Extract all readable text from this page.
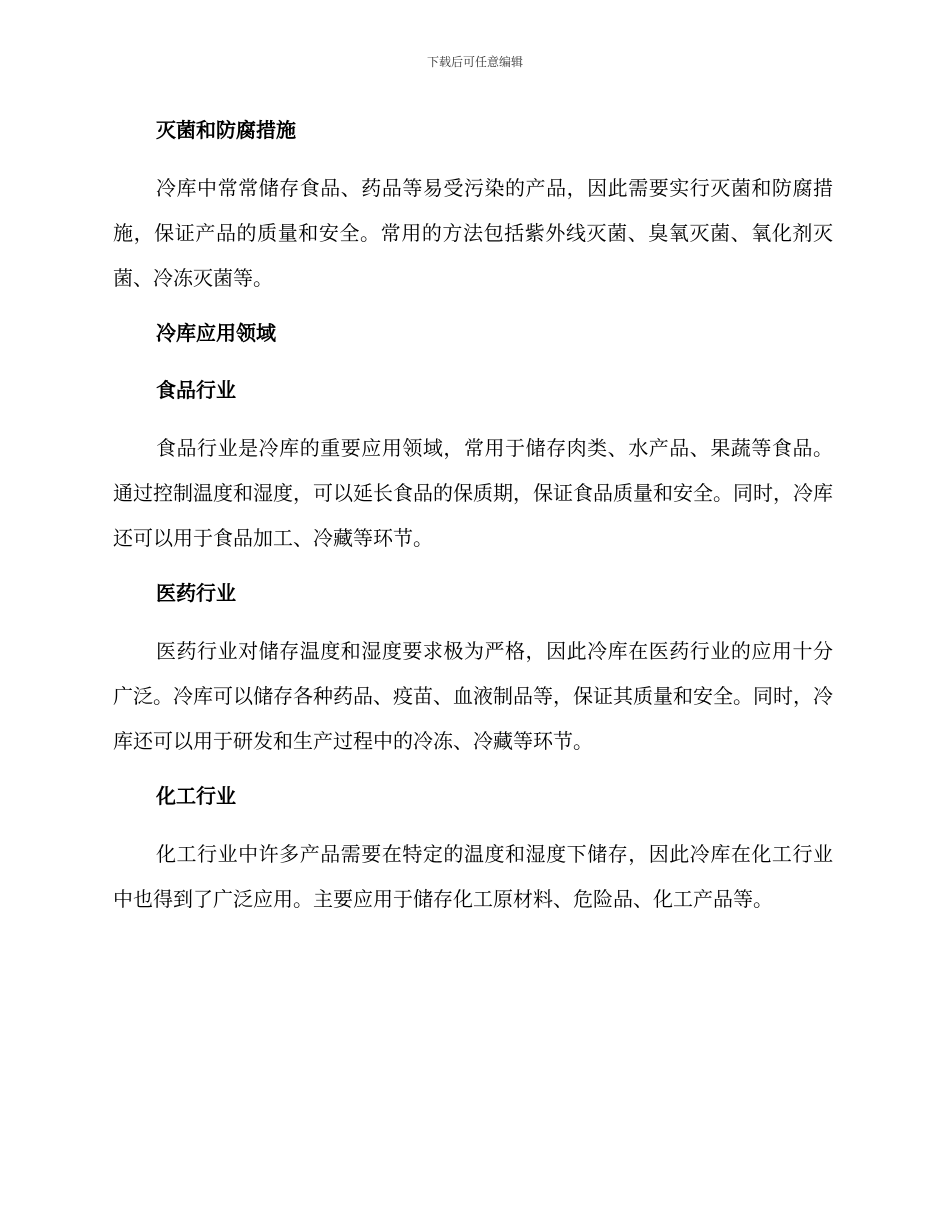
下载后可任意编辑
灭菌和防腐措施

冷库中常常储存食品、药品等易受污染的产品，因此需要实行灭菌和防腐措施，保证产品的质量和安全。常用的方法包括紫外线灭菌、臭氧灭菌、氧化剂灭菌、冷冻灭菌等。

冷库应用领域
食品行业

食品行业是冷库的重要应用领域，常用于储存肉类、水产品、果蔬等食品。通过控制温度和湿度，可以延长食品的保质期，保证食品质量和安全。同时，冷库还可以用于食品加工、冷藏等环节。

医药行业

医药行业对储存温度和湿度要求极为严格，因此冷库在医药行业的应用十分广泛。冷库可以储存各种药品、疫苗、血液制品等，保证其质量和安全。同时，冷库还可以用于研发和生产过程中的冷冻、冷藏等环节。

化工行业

化工行业中许多产品需要在特定的温度和湿度下储存，因此冷库在化工行业中也得到了广泛应用。主要应用于储存化工原材料、危险品、化工产品等。
